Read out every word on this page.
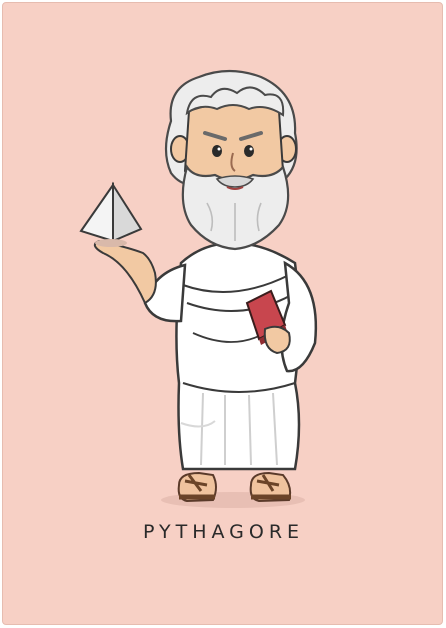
PYTHAGORE
